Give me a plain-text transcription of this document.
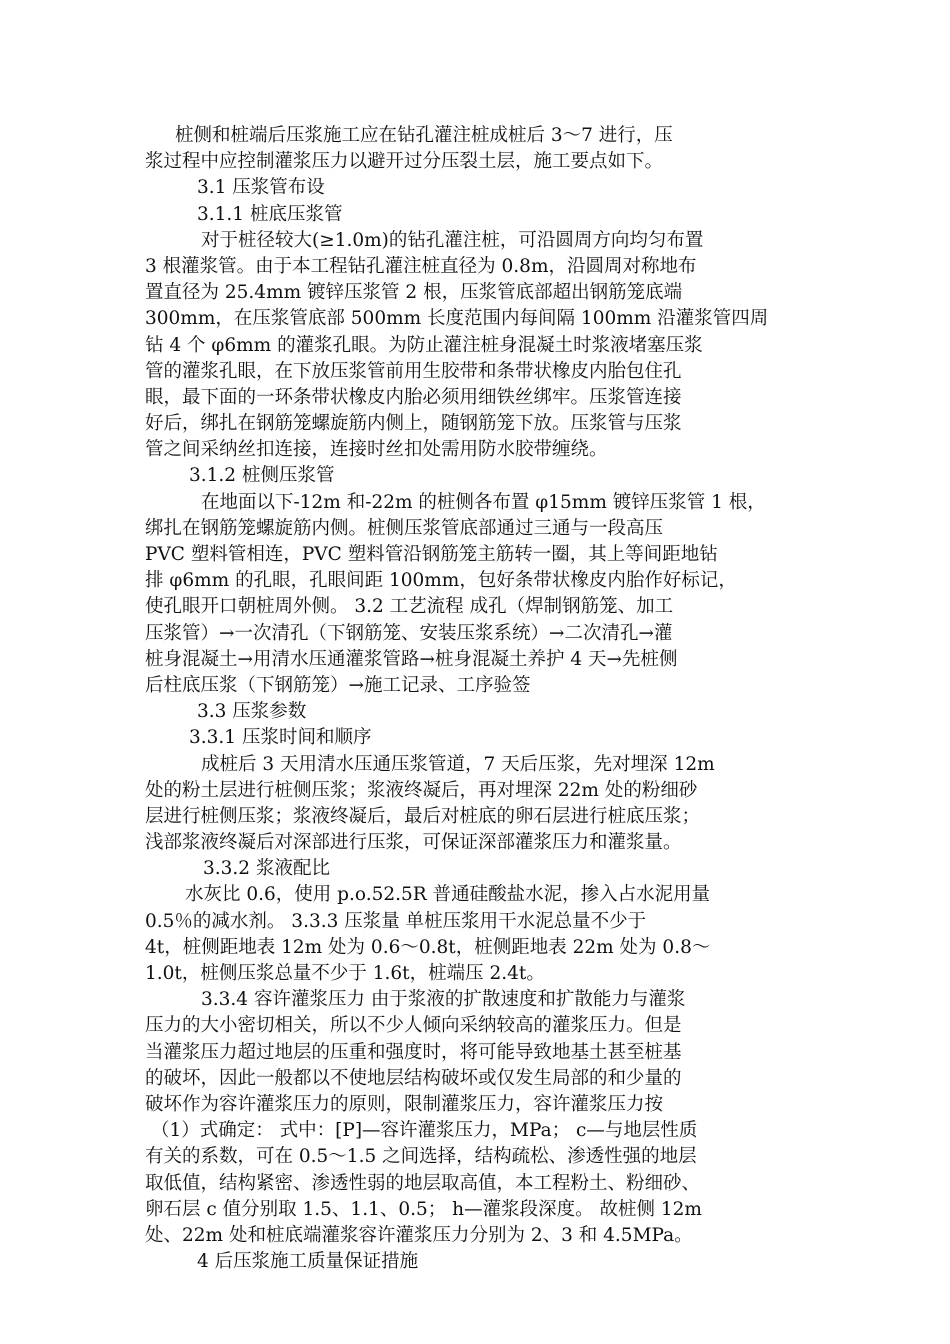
桩侧和桩端后压浆施工应在钻孔灌注桩成桩后 3～7 进行，压
浆过程中应控制灌浆压力以避开过分压裂土层，施工要点如下。
3.1 压浆管布设
3.1.1 桩底压浆管
对于桩径较大(≥1.0m)的钻孔灌注桩，可沿圆周方向均匀布置
3 根灌浆管。由于本工程钻孔灌注桩直径为 0.8m，沿圆周对称地布
置直径为 25.4mm 镀锌压浆管 2 根，压浆管底部超出钢筋笼底端
300mm，在压浆管底部 500mm 长度范围内每间隔 100mm 沿灌浆管四周
钻 4 个 φ6mm 的灌浆孔眼。为防止灌注桩身混凝土时浆液堵塞压浆
管的灌浆孔眼，在下放压浆管前用生胶带和条带状橡皮内胎包住孔
眼，最下面的一环条带状橡皮内胎必须用细铁丝绑牢。压浆管连接
好后，绑扎在钢筋笼螺旋筋内侧上，随钢筋笼下放。压浆管与压浆
管之间采纳丝扣连接，连接时丝扣处需用防水胶带缠绕。
3.1.2 桩侧压浆管
在地面以下-12m 和-22m 的桩侧各布置 φ15mm 镀锌压浆管 1 根，
绑扎在钢筋笼螺旋筋内侧。桩侧压浆管底部通过三通与一段高压
PVC 塑料管相连，PVC 塑料管沿钢筋笼主筋转一圈，其上等间距地钻
排 φ6mm 的孔眼，孔眼间距 100mm，包好条带状橡皮内胎作好标记，
使孔眼开口朝桩周外侧。 3.2 工艺流程 成孔（焊制钢筋笼、加工
压浆管）→一次清孔（下钢筋笼、安装压浆系统）→二次清孔→灌
桩身混凝土→用清水压通灌浆管路→桩身混凝土养护 4 天→先桩侧
后柱底压浆（下钢筋笼）→施工记录、工序验签
3.3 压浆参数
3.3.1 压浆时间和顺序
成桩后 3 天用清水压通压浆管道，7 天后压浆，先对埋深 12m
处的粉土层进行桩侧压浆；浆液终凝后，再对埋深 22m 处的粉细砂
层进行桩侧压浆；浆液终凝后，最后对桩底的卵石层进行桩底压浆；
浅部浆液终凝后对深部进行压浆，可保证深部灌浆压力和灌浆量。
3.3.2 浆液配比
水灰比 0.6，使用 p.o.52.5R 普通硅酸盐水泥，掺入占水泥用量
0.5％的减水剂。 3.3.3 压浆量 单桩压浆用干水泥总量不少于
4t，桩侧距地表 12m 处为 0.6～0.8t，桩侧距地表 22m 处为 0.8～
1.0t，桩侧压浆总量不少于 1.6t，桩端压 2.4t。
3.3.4 容许灌浆压力 由于浆液的扩散速度和扩散能力与灌浆
压力的大小密切相关，所以不少人倾向采纳较高的灌浆压力。但是
当灌浆压力超过地层的压重和强度时，将可能导致地基土甚至桩基
的破坏，因此一般都以不使地层结构破坏或仅发生局部的和少量的
破坏作为容许灌浆压力的原则，限制灌浆压力，容许灌浆压力按
（1）式确定： 式中：[P]—容许灌浆压力，MPa； c—与地层性质
有关的系数，可在 0.5～1.5 之间选择，结构疏松、渗透性强的地层
取低值，结构紧密、渗透性弱的地层取高值，本工程粉土、粉细砂、
卵石层 c 值分别取 1.5、1.1、0.5； h—灌浆段深度。 故桩侧 12m
处、22m 处和桩底端灌浆容许灌浆压力分别为 2、3 和 4.5MPa。
4 后压浆施工质量保证措施
